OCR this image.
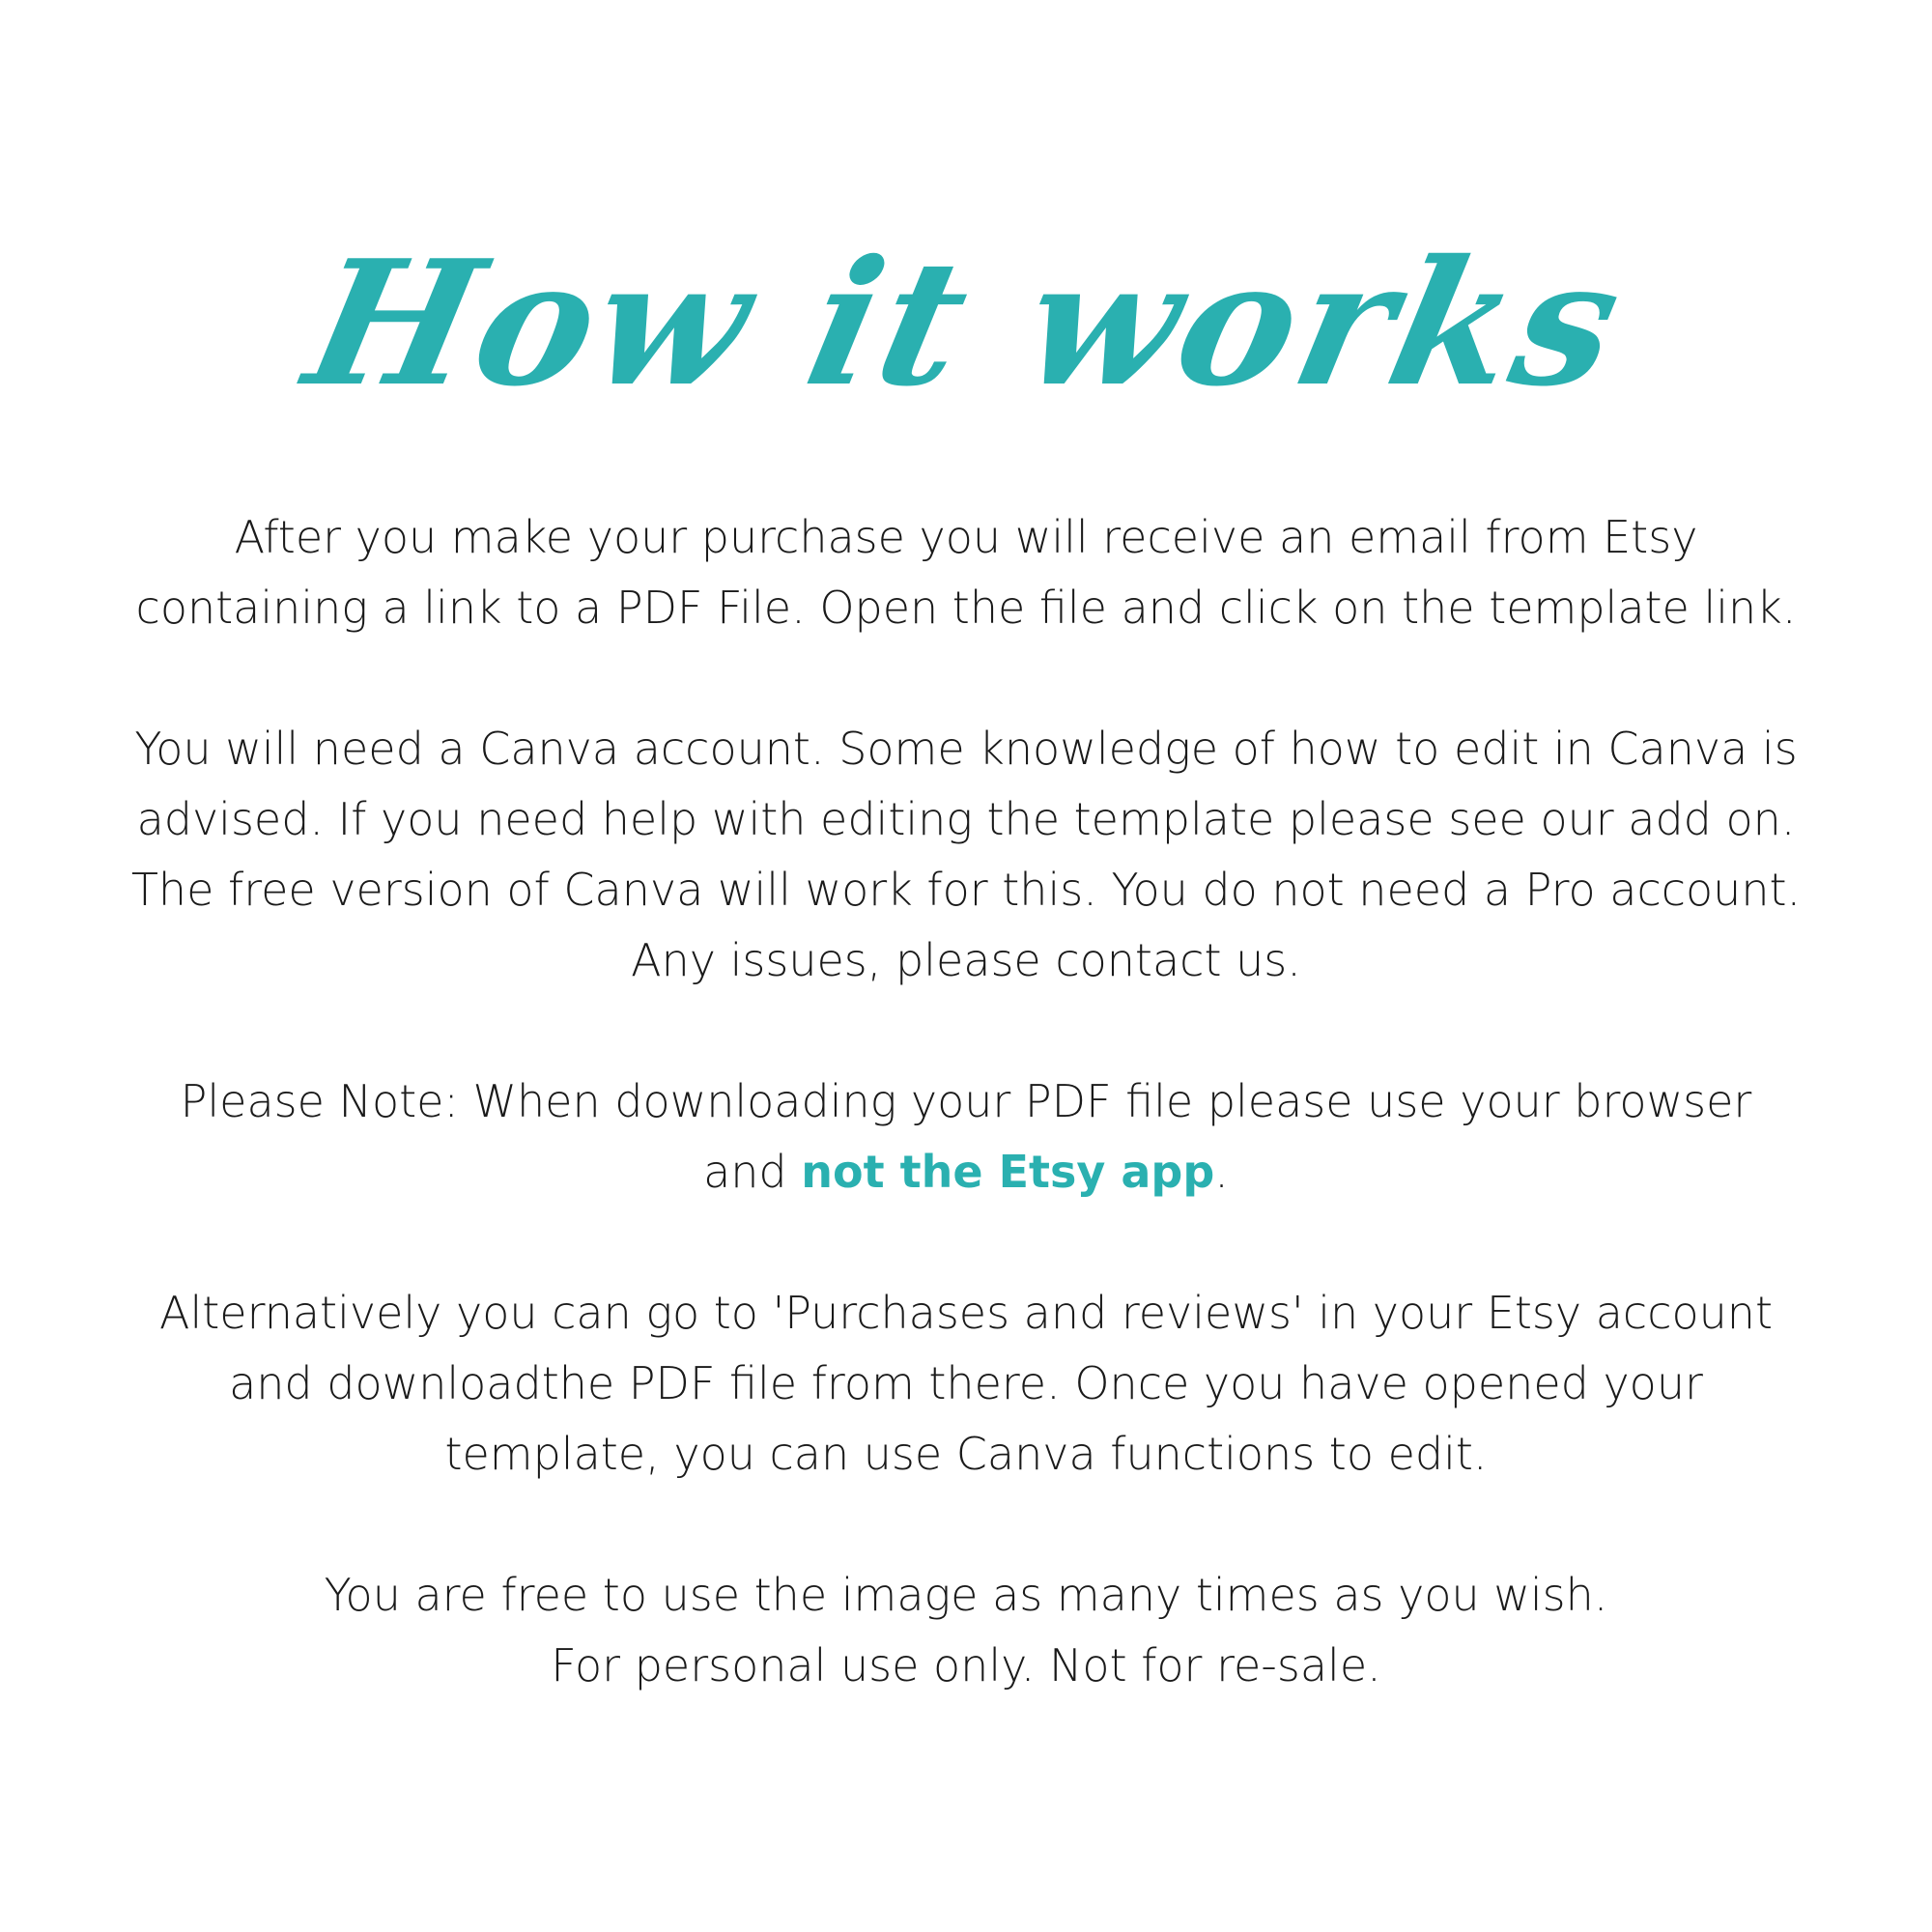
How it works

After you make your purchase you will receive an email from Etsy
containing a link to a PDF File. Open the file and click on the template link.

You will need a Canva account. Some knowledge of how to edit in Canva is
advised. If you need help with editing the template please see our add on.
The free version of Canva will work for this. You do not need a Pro account.
Any issues, please contact us.

Please Note: When downloading your PDF file please use your browser
and not the Etsy app.

Alternatively you can go to 'Purchases and reviews' in your Etsy account
and downloadthe PDF file from there. Once you have opened your
template, you can use Canva functions to edit.

You are free to use the image as many times as you wish.
For personal use only. Not for re-sale.
